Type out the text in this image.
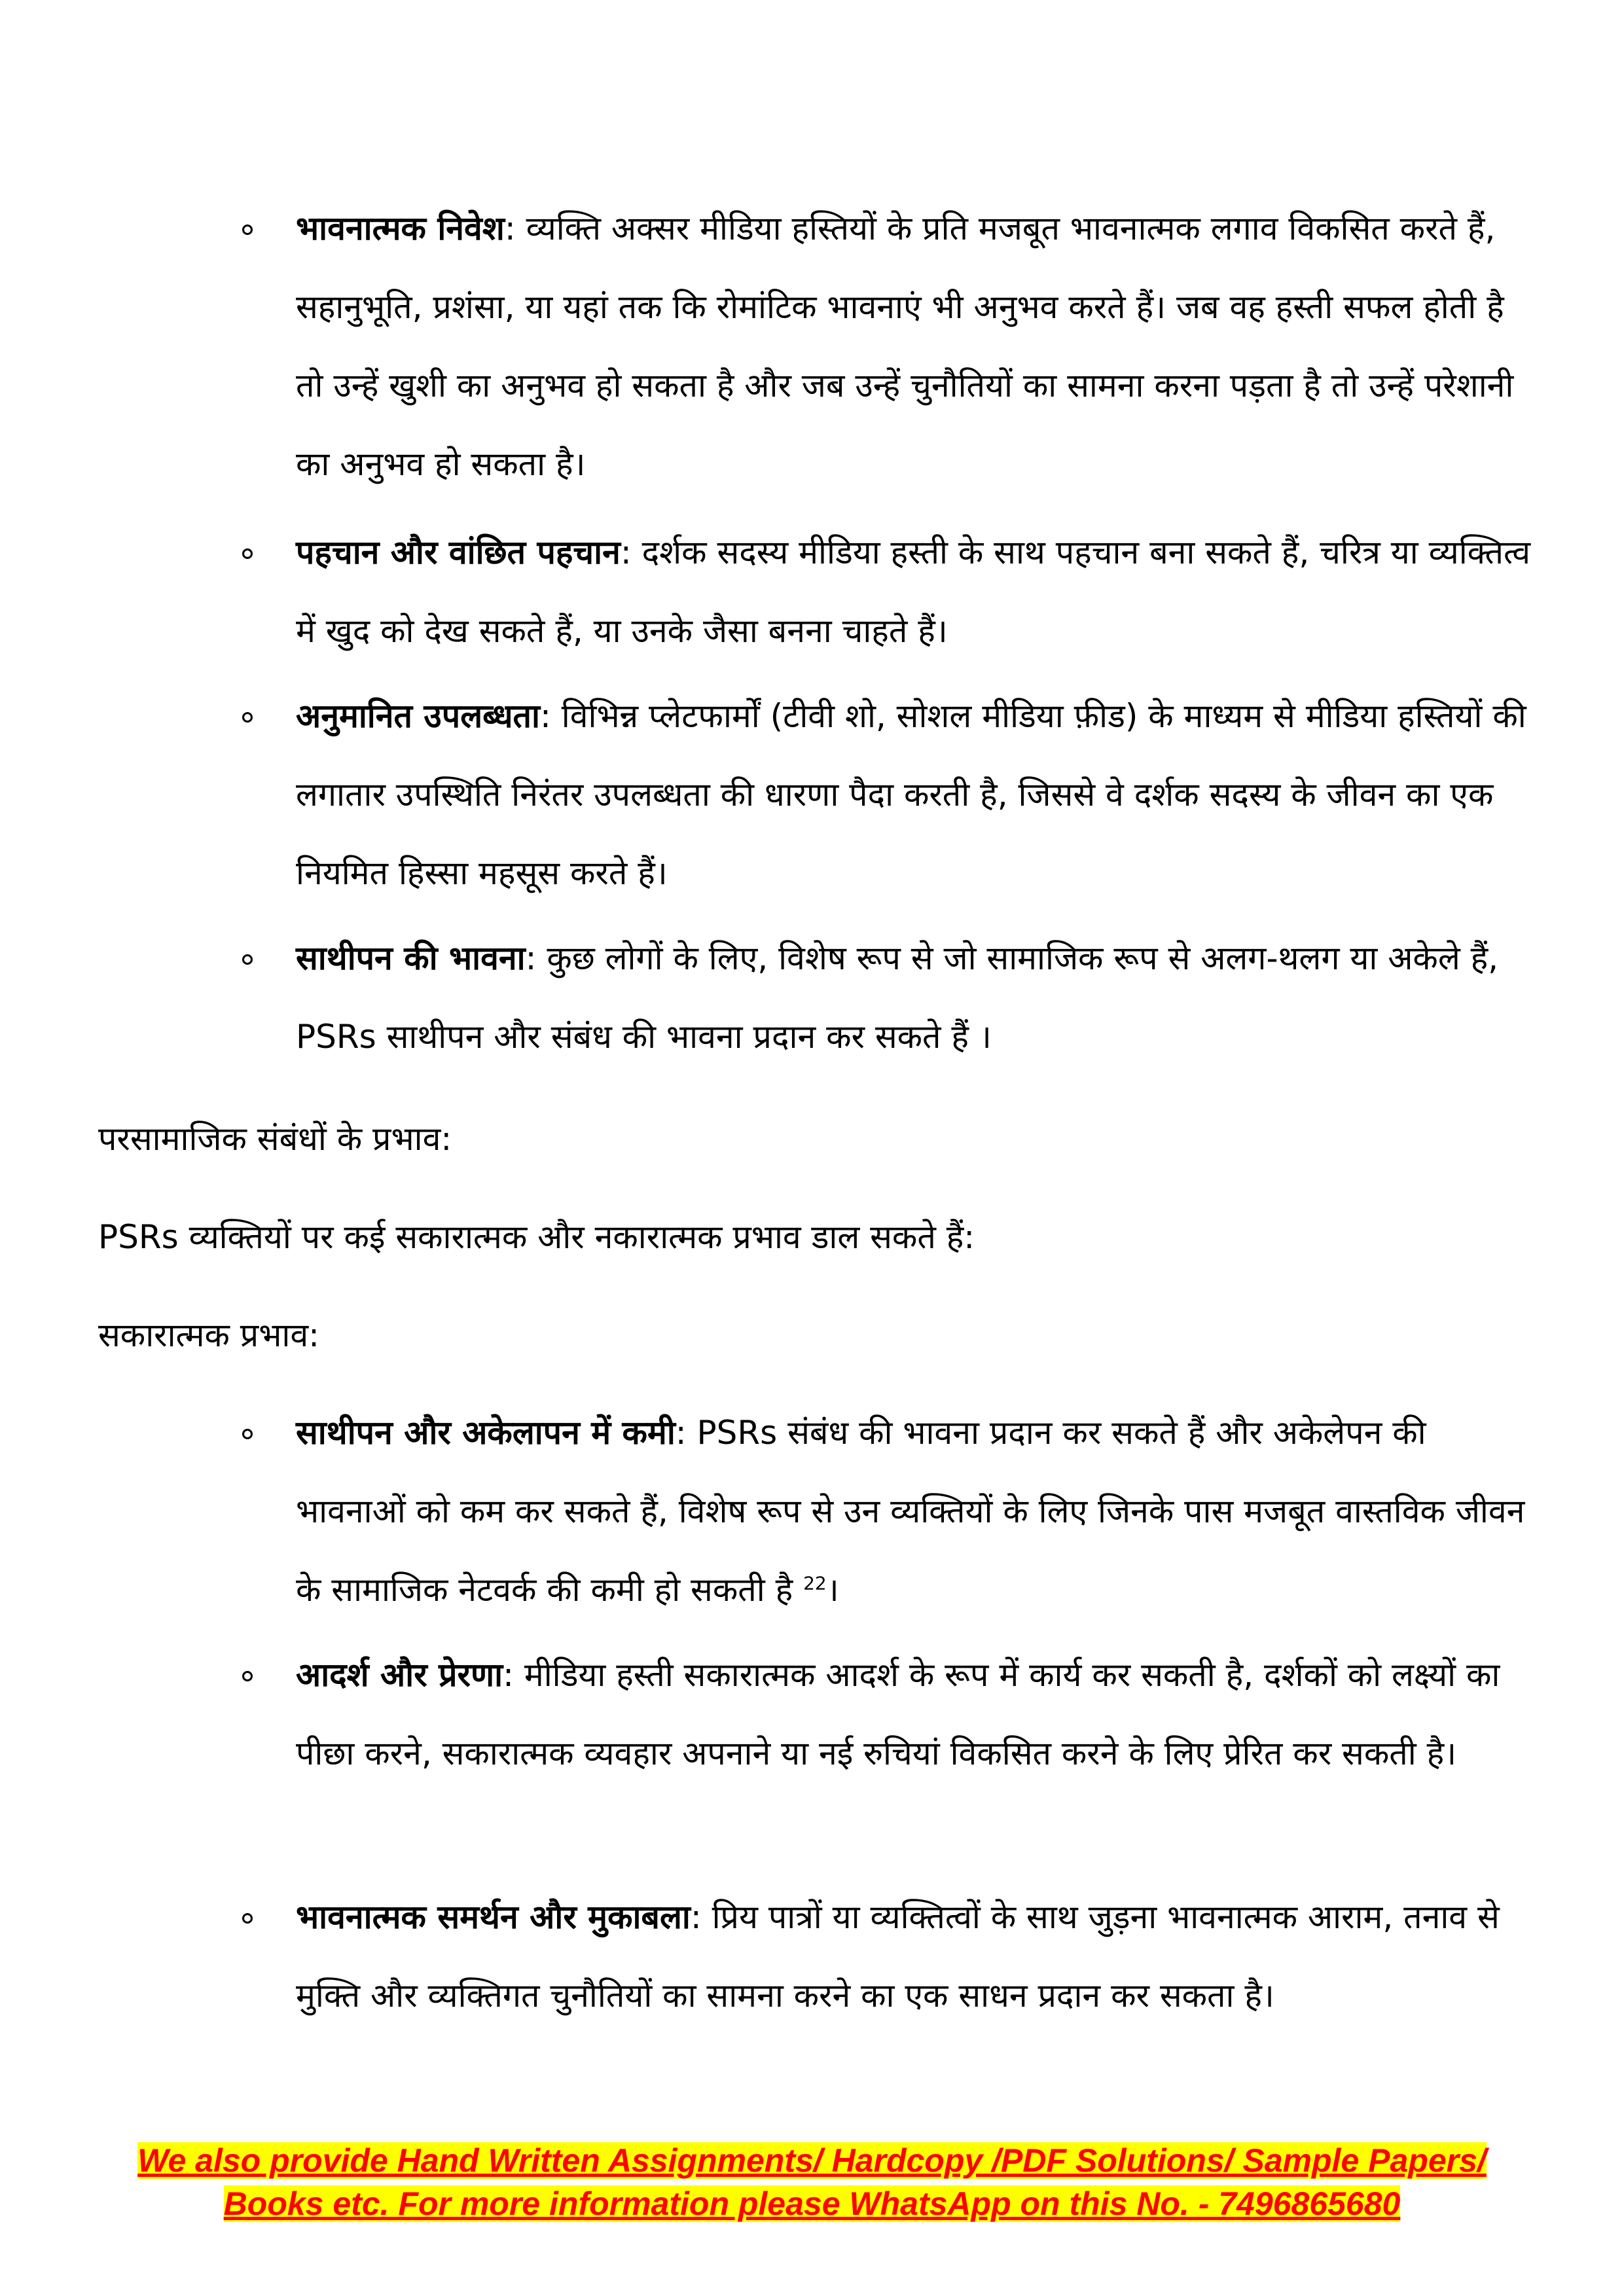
भावनात्मक निवेश: व्यक्ति अक्सर मीडिया हस्तियों के प्रति मजबूत भावनात्मक लगाव विकसित करते हैं, सहानुभूति, प्रशंसा, या यहां तक कि रोमांटिक भावनाएं भी अनुभव करते हैं। जब वह हस्ती सफल होती है तो उन्हें खुशी का अनुभव हो सकता है और जब उन्हें चुनौतियों का सामना करना पड़ता है तो उन्हें परेशानी का अनुभव हो सकता है।
पहचान और वांछित पहचान: दर्शक सदस्य मीडिया हस्ती के साथ पहचान बना सकते हैं, चरित्र या व्यक्तित्व में खुद को देख सकते हैं, या उनके जैसा बनना चाहते हैं।
अनुमानित उपलब्धता: विभिन्न प्लेटफार्मों (टीवी शो, सोशल मीडिया फ़ीड) के माध्यम से मीडिया हस्तियों की लगातार उपस्थिति निरंतर उपलब्धता की धारणा पैदा करती है, जिससे वे दर्शक सदस्य के जीवन का एक नियमित हिस्सा महसूस करते हैं।
साथीपन की भावना: कुछ लोगों के लिए, विशेष रूप से जो सामाजिक रूप से अलग-थलग या अकेले हैं, PSRs साथीपन और संबंध की भावना प्रदान कर सकते हैं ।
परसामाजिक संबंधों के प्रभाव:
PSRs व्यक्तियों पर कई सकारात्मक और नकारात्मक प्रभाव डाल सकते हैं:
सकारात्मक प्रभाव:
साथीपन और अकेलापन में कमी: PSRs संबंध की भावना प्रदान कर सकते हैं और अकेलेपन की भावनाओं को कम कर सकते हैं, विशेष रूप से उन व्यक्तियों के लिए जिनके पास मजबूत वास्तविक जीवन के सामाजिक नेटवर्क की कमी हो सकती है $^{22}$।
आदर्श और प्रेरणा: मीडिया हस्ती सकारात्मक आदर्श के रूप में कार्य कर सकती है, दर्शकों को लक्ष्यों का पीछा करने, सकारात्मक व्यवहार अपनाने या नई रुचियां विकसित करने के लिए प्रेरित कर सकती है।
भावनात्मक समर्थन और मुकाबला: प्रिय पात्रों या व्यक्तित्वों के साथ जुड़ना भावनात्मक आराम, तनाव से मुक्ति और व्यक्तिगत चुनौतियों का सामना करने का एक साधन प्रदान कर सकता है।
We also provide Hand Written Assignments/ Hardcopy /PDF Solutions/ Sample Papers/
Books etc. For more information please WhatsApp on this No. - 7496865680
